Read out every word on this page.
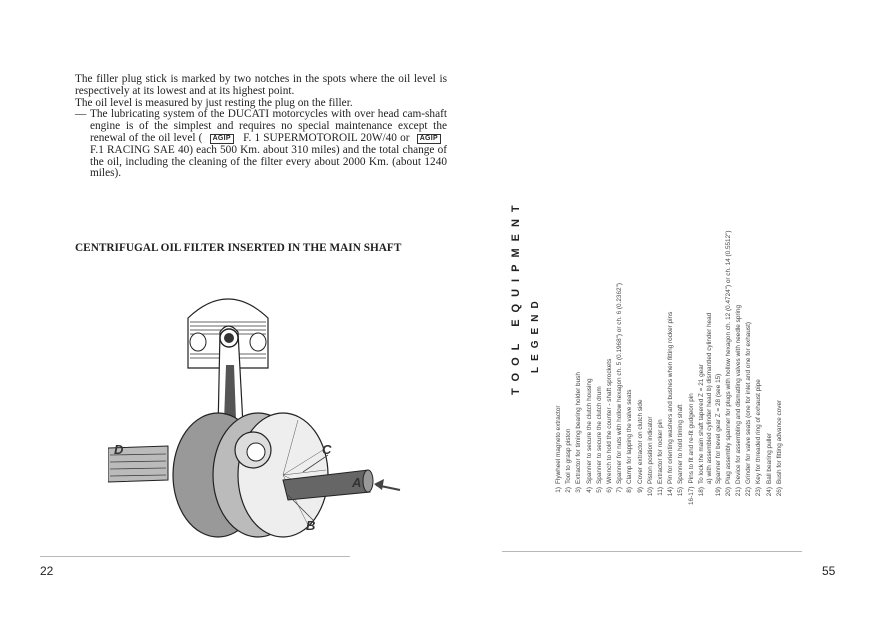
The filler plug stick is marked by two notches in the spots where the oil level is respectively at its lowest and at its highest point.

The oil level is measured by just resting the plug on the filler.

— The lubricating system of the DUCATI motorcycles with over head cam-shaft engine is of the simplest and requires no special maintenance except the renewal of the oil level ( AGIP F. 1 SUPERMOTOROIL 20W/40 or AGIP F.1 RACING SAE 40) each 500 Km. about 310 miles) and the total change of the oil, including the cleaning of the filter every about 2000 Km. (about 1240 miles).

CENTRIFUGAL OIL FILTER INSERTED IN THE MAIN SHAFT
D	C
A
B
22	55
TOOL EQUIPMENT LEGEND
1)Flywheel magneto extractor
2)Tool to grasp piston
3)Extractor for timing bearing holder bush
4)Spanner to secure the clutch housing
5)Spanner to secure the clutch drum
6)Wrench to hold the counter - shaft sprockets
7)Spanner for nuts with hollow hexagon ch. 5 (0.1968") or ch. 6 (0.2362")
8)Clamp for lapping the valve seats
9)Cover extractor on clutch side
10)Piston position indicator
11)Extractor for rocker pin
14)Pin for orienting washers and bushes when fitting rocker pins
15)Spanner to hold timing shaft
16-17)Pins to fit and re-fit gudgeon pin
18)To lock the main shaft tapered Z = 21 gear a) with assembled cylinder head b) dismantled cylinder head
19)Spanner for bevel gear Z = 28 (see 15)
20)Plug assembly spanner for plugs with hollow hexagon ch. 12 (0.4724") or ch. 14 (0.5512")
21)Device for assembling and dismatling valves with needle spring
22)Grinder for valve seats (one for inlet and one for exhaust)
23)Key for threaded ring of exhaust pipe
24)Ball bearing puller
26)Bush for fitting advance cover
